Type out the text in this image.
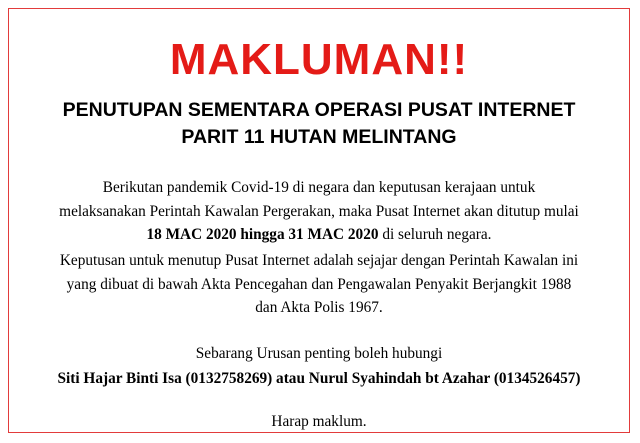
MAKLUMAN!!
PENUTUPAN SEMENTARA OPERASI PUSAT INTERNET
PARIT 11 HUTAN MELINTANG

Berikutan pandemik Covid-19 di negara dan keputusan kerajaan untuk melaksanakan Perintah Kawalan Pergerakan, maka Pusat Internet akan ditutup mulai 18 MAC 2020 hingga 31 MAC 2020 di seluruh negara.

Keputusan untuk menutup Pusat Internet adalah sejajar dengan Perintah Kawalan ini yang dibuat di bawah Akta Pencegahan dan Pengawalan Penyakit Berjangkit 1988 dan Akta Polis 1967.

Sebarang Urusan penting boleh hubungi
Siti Hajar Binti Isa (0132758269) atau Nurul Syahindah bt Azahar (0134526457)
Harap maklum.
